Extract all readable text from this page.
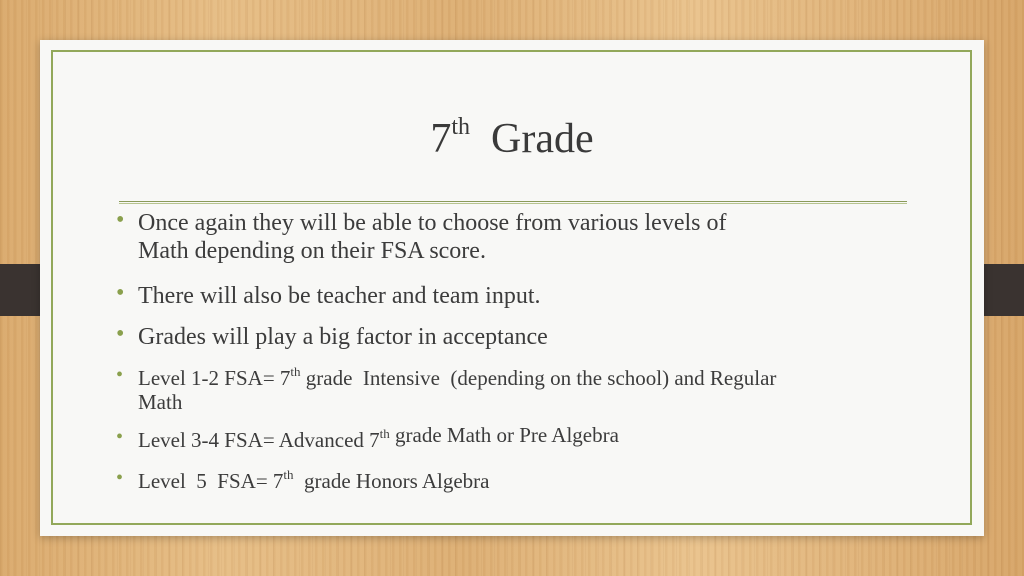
7th Grade
• Once again they will be able to choose from various levels of
Math depending on their FSA score.
• There will also be teacher and team input.
• Grades will play a big factor in acceptance
• Level 1-2 FSA= 7th grade  Intensive  (depending on the school) and Regular
Math
• Level 3-4 FSA= Advanced 7th grade Math or Pre Algebra
• Level  5  FSA= 7th  grade Honors Algebra
